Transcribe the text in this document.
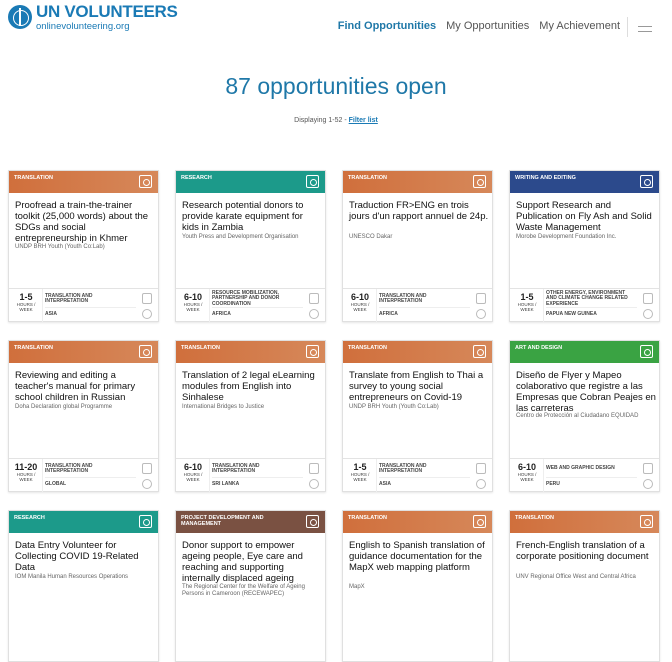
UN VOLUNTEERS
onlinevolunteering.org	Find Opportunities My Opportunities My Achievement
87 opportunities open
Displaying 1-52 - Filter list
TRANSLATION
Proofread a train-the-trainer toolkit (25,000 words) about the SDGs and social entrepreneurship in Khmer
UNDP BRH Youth (Youth Co:Lab)
1-5
HOURS / WEEK
TRANSLATION AND INTERPRETATION
ASIA
RESEARCH
Research potential donors to provide karate equipment for kids in Zambia
Youth Press and Development Organisation
6-10
HOURS / WEEK
RESOURCE MOBILIZATION, PARTNERSHIP AND DONOR COORDINATION
AFRICA
TRANSLATION
Traduction FR>ENG en trois jours d'un rapport annuel de 24p.
UNESCO Dakar
6-10
HOURS / WEEK
TRANSLATION AND INTERPRETATION
AFRICA
WRITING AND EDITING
Support Research and Publication on Fly Ash and Solid Waste Management
Morobe Development Foundation Inc.
1-5
HOURS / WEEK
OTHER ENERGY, ENVIRONMENT AND CLIMATE CHANGE RELATED EXPERIENCE
PAPUA NEW GUINEA
TRANSLATION
Reviewing and editing a teacher's manual for primary school children in Russian
Doha Declaration global Programme
11-20
HOURS / WEEK
TRANSLATION AND INTERPRETATION
GLOBAL
TRANSLATION
Translation of 2 legal eLearning modules from English into Sinhalese
International Bridges to Justice
6-10
HOURS / WEEK
TRANSLATION AND INTERPRETATION
SRI LANKA
TRANSLATION
Translate from English to Thai a survey to young social entrepreneurs on Covid-19
UNDP BRH Youth (Youth Co:Lab)
1-5
HOURS / WEEK
TRANSLATION AND INTERPRETATION
ASIA
ART AND DESIGN
Diseño de Flyer y Mapeo colaborativo que registre a las Empresas que Cobran Peajes en las carreteras
Centro de Protección al Ciudadano EQUIDAD
6-10
HOURS / WEEK
WEB AND GRAPHIC DESIGN
PERU
RESEARCH
Data Entry Volunteer for Collecting COVID 19-Related Data
IOM Manila Human Resources Operations
PROJECT DEVELOPMENT AND MANAGEMENT
Donor support to empower ageing people, Eye care and reaching and supporting internally displaced ageing
The Regional Center for the Welfare of Ageing Persons in Cameroon (RECEWAPEC)
TRANSLATION
English to Spanish translation of guidance documentation for the MapX web mapping platform
MapX
TRANSLATION
French-English translation of a corporate positioning document
UNV Regional Office West and Central Africa
